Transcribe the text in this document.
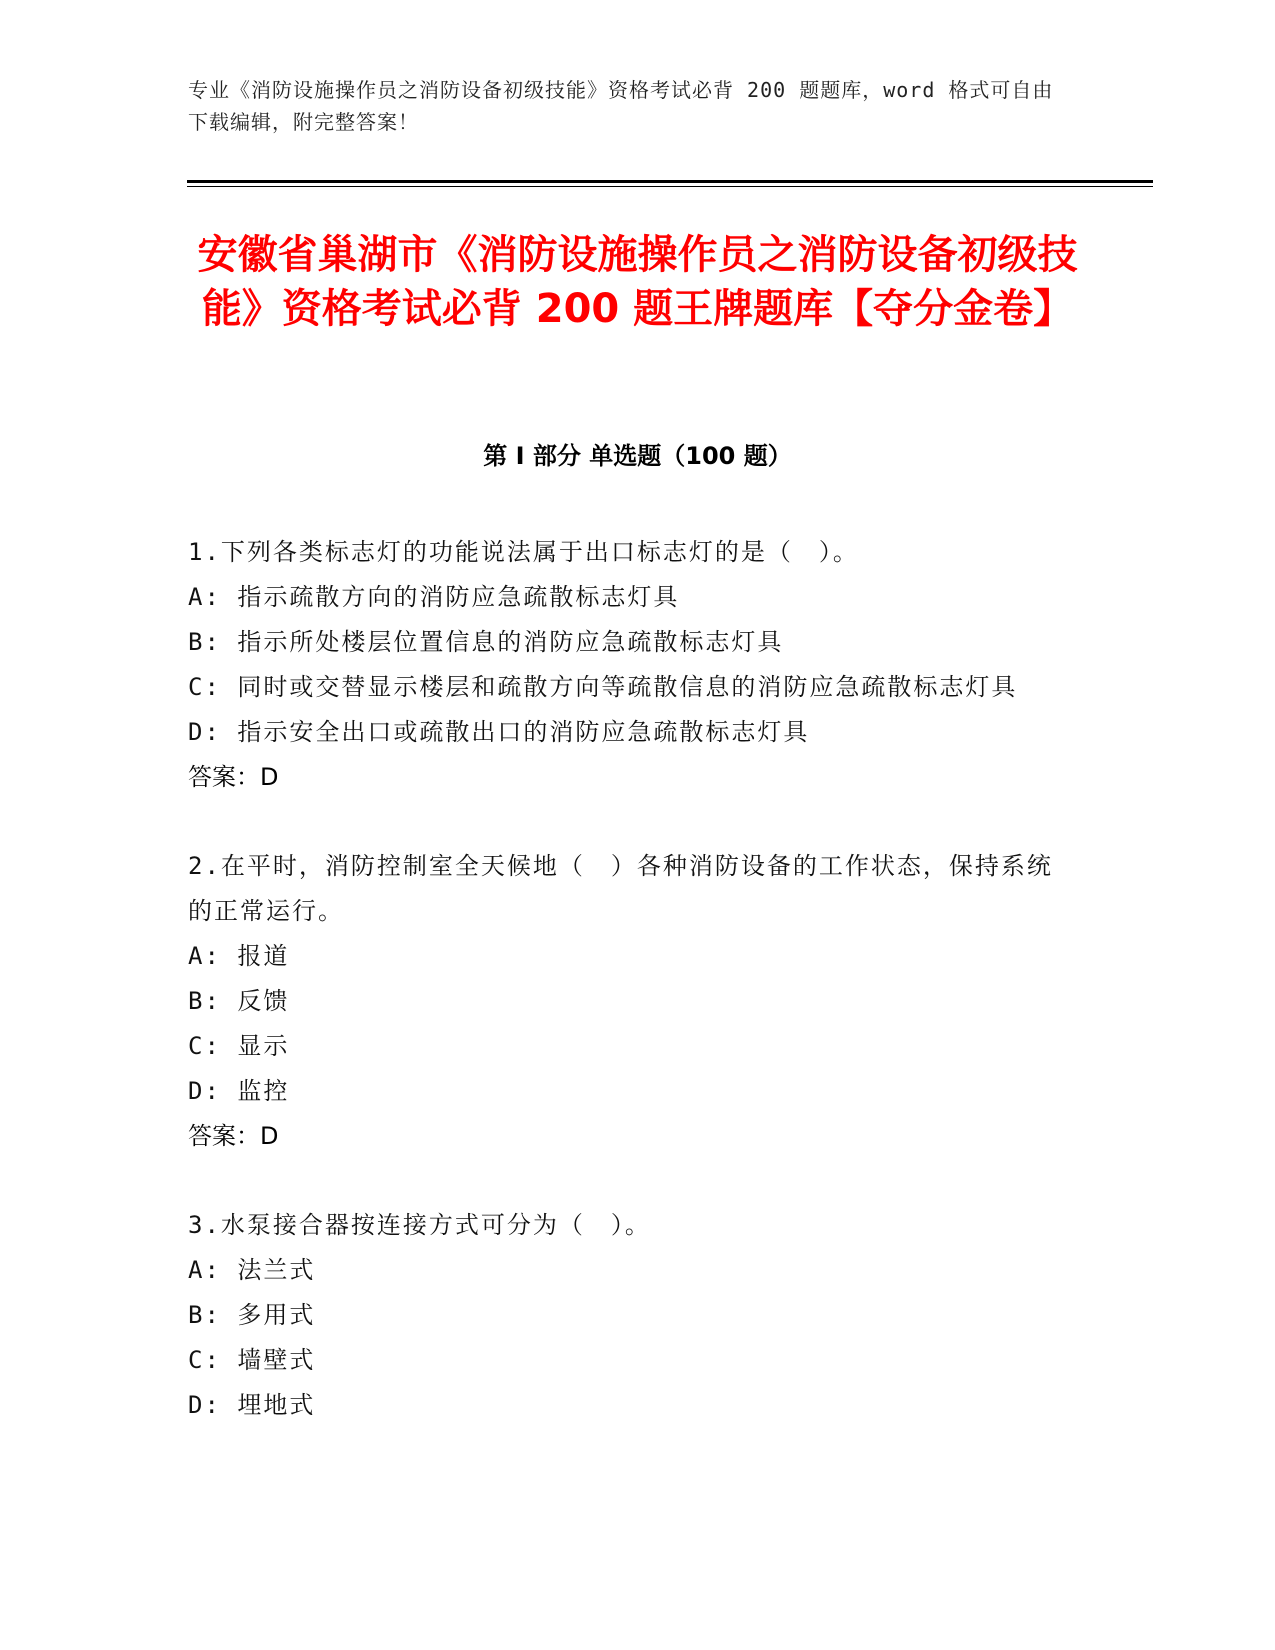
专业《消防设施操作员之消防设备初级技能》资格考试必背 200 题题库，word 格式可自由下载编辑，附完整答案！
安徽省巢湖市《消防设施操作员之消防设备初级技能》资格考试必背 200 题王牌题库【夺分金卷】
第 I 部分 单选题（100 题）
1.下列各类标志灯的功能说法属于出口标志灯的是（　）。
A: 指示疏散方向的消防应急疏散标志灯具
B: 指示所处楼层位置信息的消防应急疏散标志灯具
C: 同时或交替显示楼层和疏散方向等疏散信息的消防应急疏散标志灯具
D: 指示安全出口或疏散出口的消防应急疏散标志灯具
答案：D
2.在平时，消防控制室全天候地（　）各种消防设备的工作状态，保持系统的正常运行。
A: 报道
B: 反馈
C: 显示
D: 监控
答案：D
3.水泵接合器按连接方式可分为（　）。
A: 法兰式
B: 多用式
C: 墙壁式
D: 埋地式
